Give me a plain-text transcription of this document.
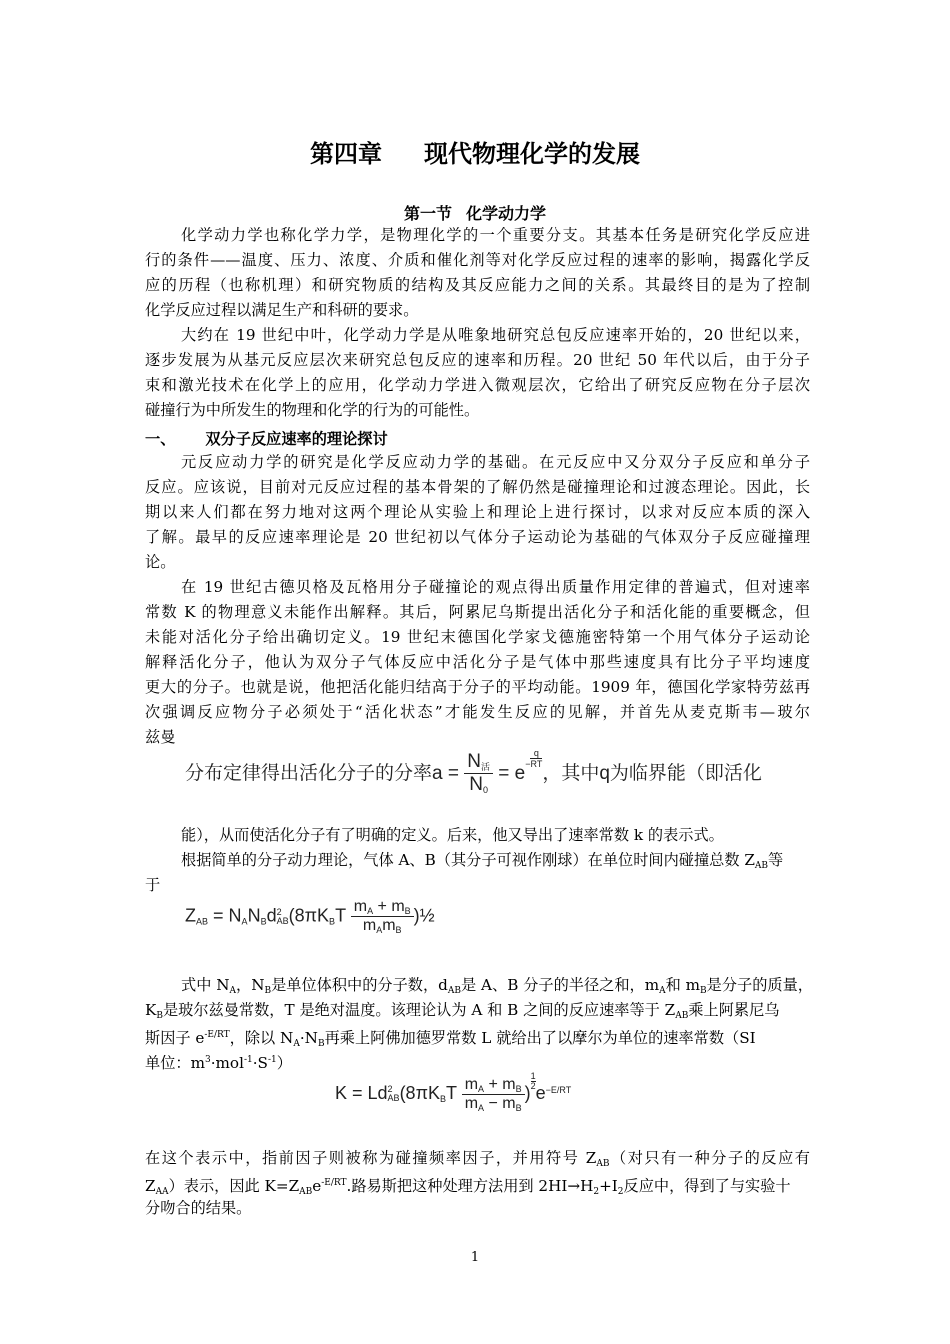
第四章 现代物理化学的发展
第一节 化学动力学
化学动力学也称化学力学，是物理化学的一个重要分支。其基本任务是研究化学反应进
行的条件——温度、压力、浓度、介质和催化剂等对化学反应过程的速率的影响，揭露化学反
应的历程（也称机理）和研究物质的结构及其反应能力之间的关系。其最终目的是为了控制
化学反应过程以满足生产和科研的要求。
大约在 19 世纪中叶，化学动力学是从唯象地研究总包反应速率开始的，20 世纪以来，
逐步发展为从基元反应层次来研究总包反应的速率和历程。20 世纪 50 年代以后，由于分子
束和激光技术在化学上的应用，化学动力学进入微观层次，它给出了研究反应物在分子层次
碰撞行为中所发生的物理和化学的行为的可能性。
一、 双分子反应速率的理论探讨
元反应动力学的研究是化学反应动力学的基础。在元反应中又分双分子反应和单分子
反应。应该说，目前对元反应过程的基本骨架的了解仍然是碰撞理论和过渡态理论。因此，长
期以来人们都在努力地对这两个理论从实验上和理论上进行探讨，以求对反应本质的深入
了解。最早的反应速率理论是 20 世纪初以气体分子运动论为基础的气体双分子反应碰撞理
论。
在 19 世纪古德贝格及瓦格用分子碰撞论的观点得出质量作用定律的普遍式，但对速率
常数 K 的物理意义未能作出解释。其后，阿累尼乌斯提出活化分子和活化能的重要概念，但
未能对活化分子给出确切定义。19 世纪末德国化学家戈德施密特第一个用气体分子运动论
解释活化分子，他认为双分子气体反应中活化分子是气体中那些速度具有比分子平均速度
更大的分子。也就是说，他把活化能归结高于分子的平均动能。1909 年，德国化学家特劳兹再
次强调反应物分子必须处于“活化状态”才能发生反应的见解，并首先从麦克斯韦—玻尔
兹曼
分布定律得出活化分子的分率$a = \frac{N_活}{N_0} = e- \frac{q}{RT}$
，其中q为临界能（即活化
能），从而使活化分子有了明确的定义。后来，他又导出了速率常数 k 的表示式。
根据简单的分子动力理论，气体 A、B（其分子可视作刚球）在单位时间内碰撞总数 $Z_{AB}$等
于
$Z_{AB} = N_AN_Bd$ 2
AB ($8\pi K_BT \frac{m_A + m_B}{m_Am_B}$ )½
式中 $N_A$，$N_B$是单位体积中的分子数，$d_{AB}$是 A、B 分子的半径之和，$m_A$和 $m_B$是分子的质量，
$K_B$是玻尔兹曼常数，T 是绝对温度。该理论认为 A 和 B 之间的反应速率等于 $Z_{AB}$乘上阿累尼乌
斯因子 $e^{-E/RT}$，除以 $N_A\cdot N_B$再乘上阿佛加德罗常数 L 就给出了以摩尔为单位的速率常数（SI
单位：$m^3\cdot mol^{-1}\cdot S^{-1}$）
K = Ld 2
AB ($8\pi K_BT \frac{m_A + m_B}{m_A - m_B}$ )
$\frac{1}{2}$
$e^{-E/RT}$
在这个表示中，指前因子则被称为碰撞频率因子，并用符号 $Z_{AB}$（对只有一种分子的反应有
$Z_{AA}$）表示，因此 $K=Z_{AB}e^{-E/RT}$.路易斯把这种处理方法用到 $2HI\to H_2+I_2$反应中，得到了与实验十
分吻合的结果。
1
